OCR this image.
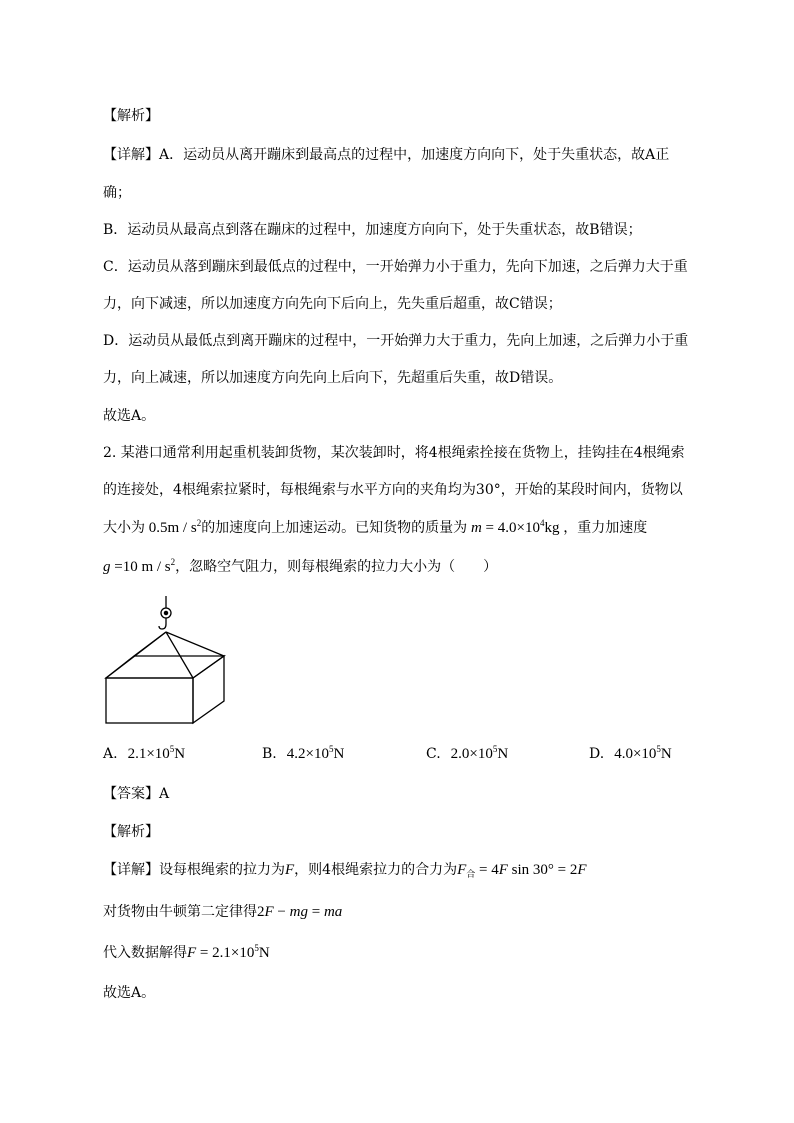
【解析】
【详解】A．运动员从离开蹦床到最高点的过程中，加速度方向向下，处于失重状态，故A正
确；
B．运动员从最高点到落在蹦床的过程中，加速度方向向下，处于失重状态，故B错误；
C．运动员从落到蹦床到最低点的过程中，一开始弹力小于重力，先向下加速，之后弹力大于重
力，向下减速，所以加速度方向先向下后向上，先失重后超重，故C错误；
D．运动员从最低点到离开蹦床的过程中，一开始弹力大于重力，先向上加速，之后弹力小于重
力，向上减速，所以加速度方向先向上后向下，先超重后失重，故D错误。
故选A。
2. 某港口通常利用起重机装卸货物，某次装卸时，将4根绳索拴接在货物上，挂钩挂在4根绳索
的连接处，4根绳索拉紧时，每根绳索与水平方向的夹角均为30°，开始的某段时间内，货物以
大小为 $0.5m / s^2$的加速度向上加速运动。已知货物的质量为 $m = 4.0\times 10^4kg$ ，重力加速度
g =10 m / $s^2$，忽略空气阻力，则每根绳索的拉力大小为（　　）
A. $2.1\times 10^5N$	B. $4.2\times 10^5N$	C. $2.0\times 10^5N$	D. $4.0\times 10^5N$
【答案】A
【解析】
【详解】设每根绳索的拉力为F，则4根绳索拉力的合力为$F_合 = 4F$ sin 30° = 2F
对货物由牛顿第二定律得2F − mg = ma
代入数据解得$F = 2.1\times 10^5N$
故选A。
